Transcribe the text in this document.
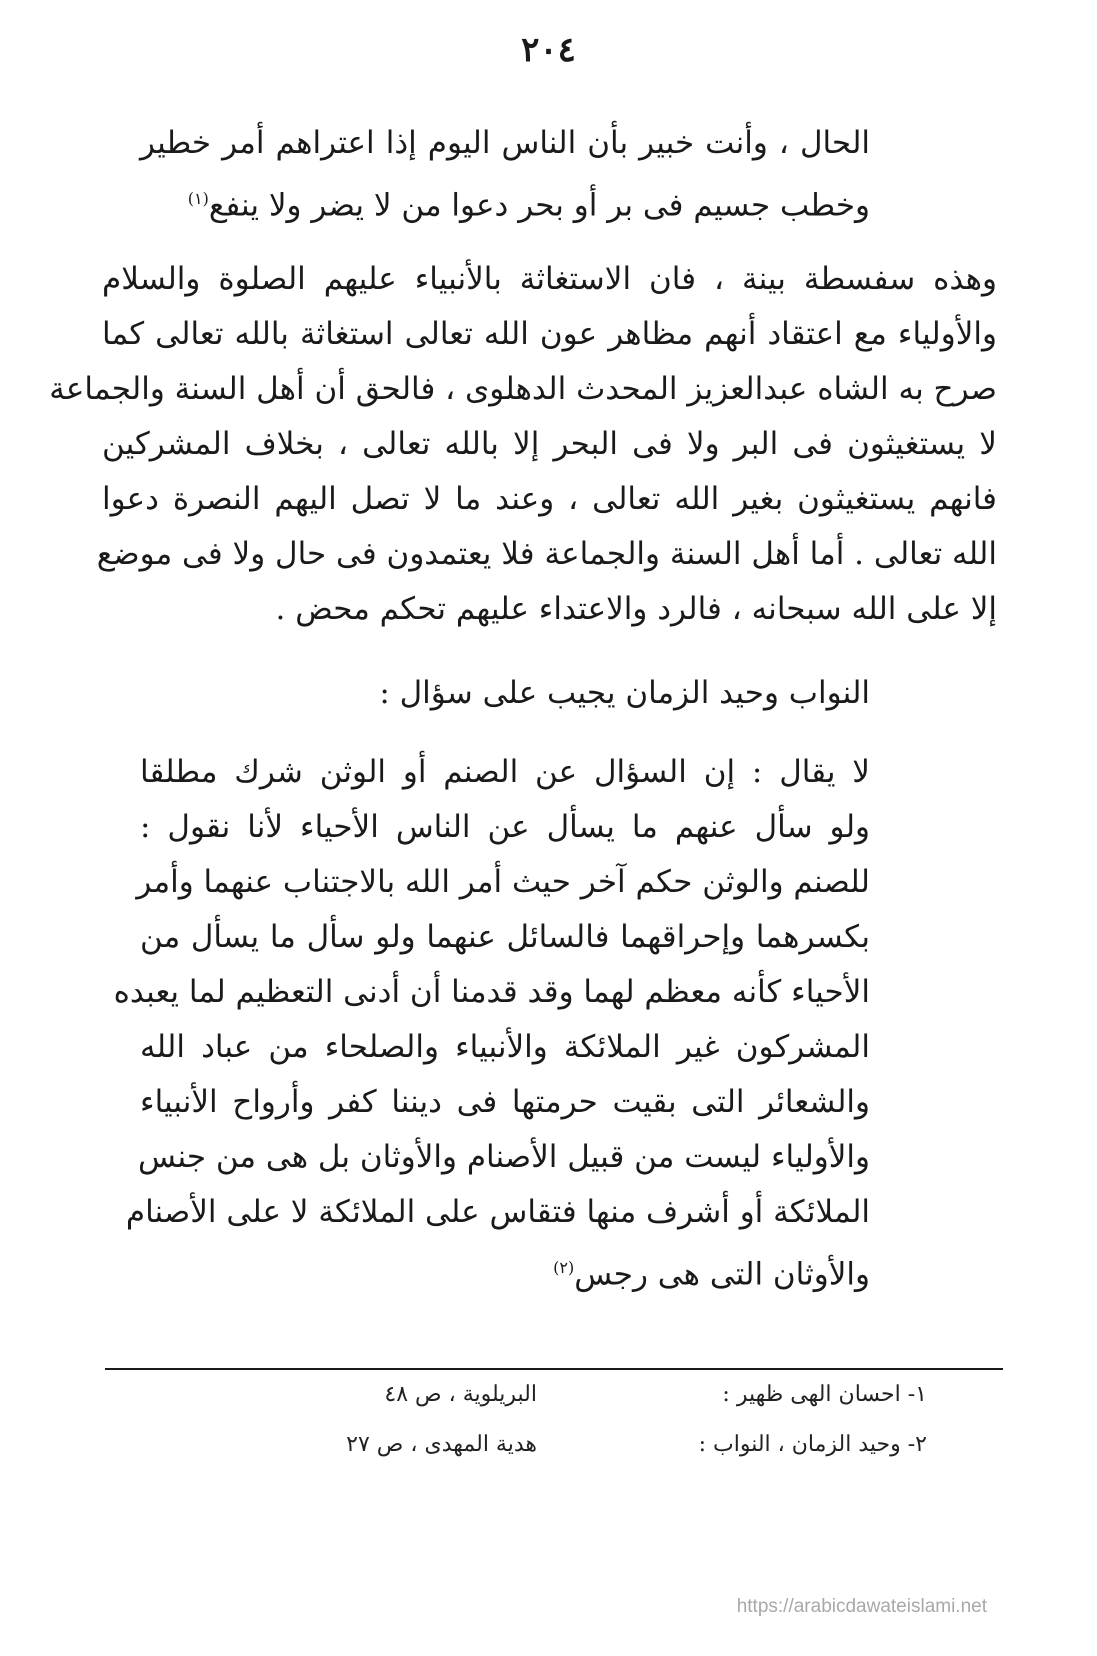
٢٠٤
الحال ، وأنت خبير بأن الناس اليوم إذا اعتراهم أمر خطير
وخطب جسيم فى بر أو بحر دعوا من لا يضر ولا ينفع$^{(١)}$
وهذه سفسطة بينة ، فان الاستغاثة بالأنبياء عليهم الصلوة والسلام
والأولياء مع اعتقاد أنهم مظاهر عون الله تعالى استغاثة بالله تعالى كما
صرح به الشاه عبدالعزيز المحدث الدهلوى ، فالحق أن أهل السنة والجماعة
لا يستغيثون فى البر ولا فى البحر إلا بالله تعالى ، بخلاف المشركين
فانهم يستغيثون بغير الله تعالى ، وعند ما لا تصل اليهم النصرة دعوا
الله تعالى . أما أهل السنة والجماعة فلا يعتمدون فى حال ولا فى موضع
إلا على الله سبحانه ، فالرد والاعتداء عليهم تحكم محض .
النواب وحيد الزمان يجيب على سؤال :
لا يقال : إن السؤال عن الصنم أو الوثن شرك مطلقا
ولو سأل عنهم ما يسأل عن الناس الأحياء لأنا نقول :
للصنم والوثن حكم آخر حيث أمر الله بالاجتناب عنهما وأمر
بكسرهما وإحراقهما فالسائل عنهما ولو سأل ما يسأل من
الأحياء كأنه معظم لهما وقد قدمنا أن أدنى التعظيم لما يعبده
المشركون غير الملائكة والأنبياء والصلحاء من عباد الله
والشعائر التى بقيت حرمتها فى ديننا كفر وأرواح الأنبياء
والأولياء ليست من قبيل الأصنام والأوثان بل هى من جنس
الملائكة أو أشرف منها فتقاس على الملائكة لا على الأصنام
والأوثان التى هى رجس$^{(٢)}$
١- احسان الهى ظهير :
البريلوية ، ص ٤٨
٢- وحيد الزمان ، النواب :
هدية المهدى ، ص ٢٧
https://arabicdawateislami.net
